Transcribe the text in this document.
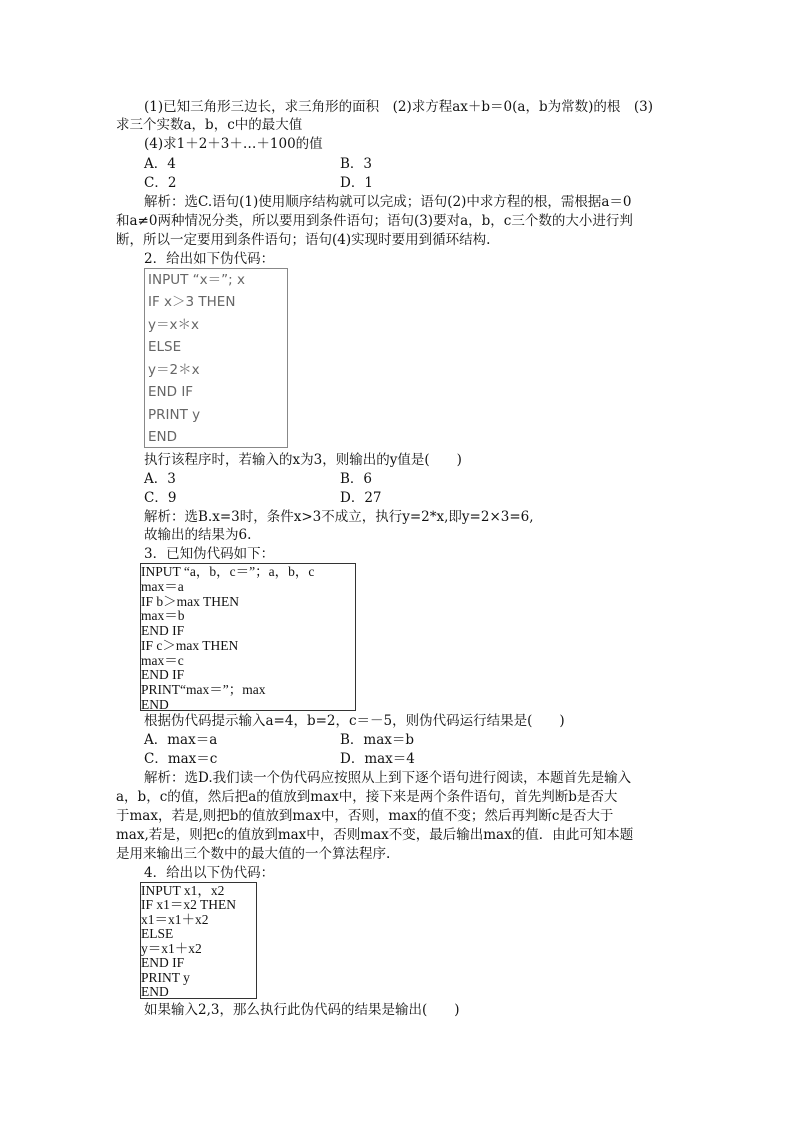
(1)已知三角形三边长，求三角形的面积　(2)求方程ax＋b＝0(a，b为常数)的根　(3)
求三个实数a，b，c中的最大值
(4)求1＋2＋3＋…＋100的值
A．4	B．3
C．2	D．1
解析：选C.语句(1)使用顺序结构就可以完成；语句(2)中求方程的根，需根据a＝0
和a≠0两种情况分类，所以要用到条件语句；语句(3)要对a，b，c三个数的大小进行判
断，所以一定要用到条件语句；语句(4)实现时要用到循环结构.
2．给出如下伪代码：
INPUT “x＝”; x
IF x＞3 THEN
y＝x＊x
ELSE
y＝2＊x
END IF
PRINT y
END
执行该程序时，若输入的x为3，则输出的y值是(　　)
A．3	B．6
C．9	D．27
解析：选B.x=3时，条件x>3不成立，执行y=2*x,即y=2×3=6,
故输出的结果为6.
3．已知伪代码如下：
INPUT “a，b，c＝”；a，b，c
max＝a
IF b＞max THEN
max＝b
END IF
IF c＞max THEN
max＝c
END IF
PRINT“max＝”；max
END
根据伪代码提示输入a=4，b=2，c＝－5，则伪代码运行结果是(　　)
A．max＝a	B．max＝b
C．max＝c	D．max＝4
解析：选D.我们读一个伪代码应按照从上到下逐个语句进行阅读，本题首先是输入
a，b，c的值，然后把a的值放到max中，接下来是两个条件语句，首先判断b是否大
于max，若是,则把b的值放到max中，否则，max的值不变；然后再判断c是否大于
max,若是，则把c的值放到max中，否则max不变，最后输出max的值．由此可知本题
是用来输出三个数中的最大值的一个算法程序.
4．给出以下伪代码：
INPUT x1，x2
IF x1＝x2 THEN
x1＝x1＋x2
ELSE
y＝x1＋x2
END IF
PRINT y
END
如果输入2,3，那么执行此伪代码的结果是输出(　　)
